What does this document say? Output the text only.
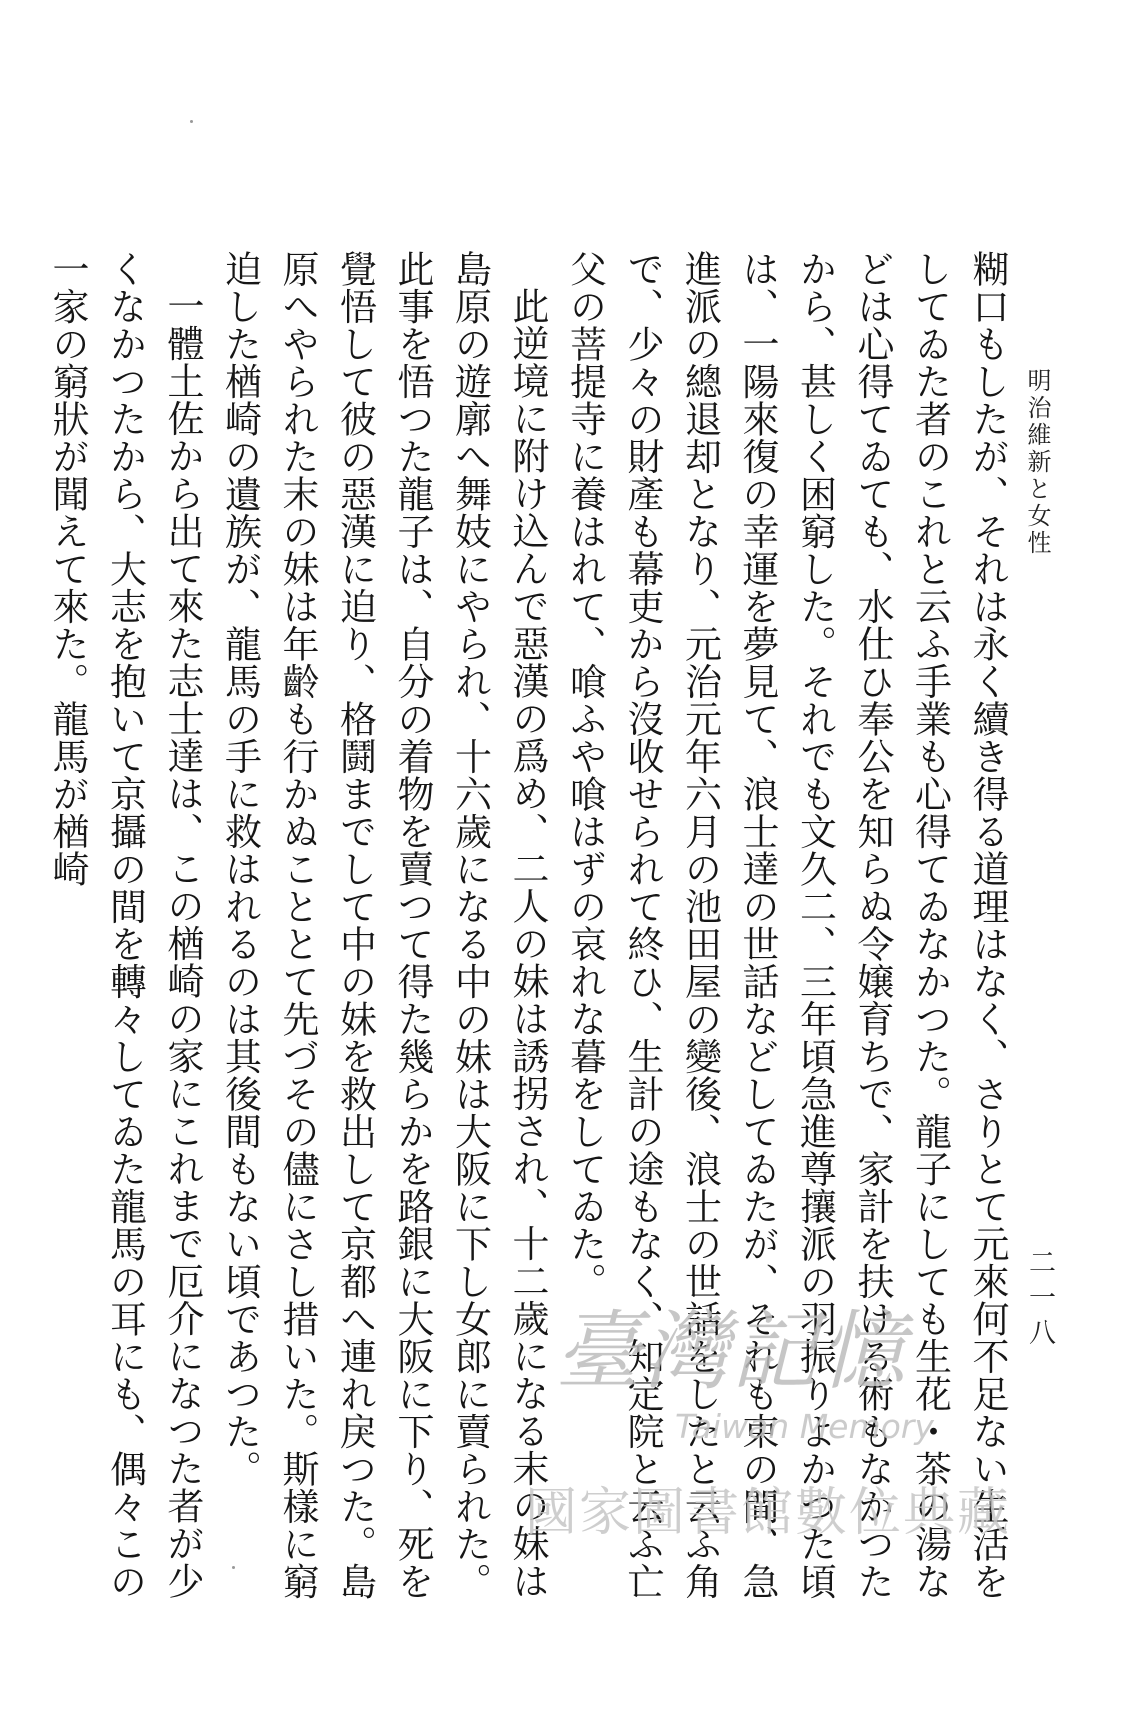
明治維新と女性
二一八

糊口もしたが、それは永く續き得る道理はなく、さりとて元來何不足ない生活をしてゐた者のこれと云ふ手業も心得てゐなかつた。龍子にしても生花・茶の湯などは心得てゐても、水仕ひ奉公を知らぬ令嬢育ちで、家計を扶ける術もなかつたから、甚しく困窮した。それでも文久二、三年頃急進尊攘派の羽振りよかつた頃は、一陽來復の幸運を夢見て、浪士達の世話などしてゐたが、それも束の間、急進派の總退却となり、元治元年六月の池田屋の變後、浪士の世話をしたと云ふ角で、少々の財產も幕吏から沒收せられて終ひ、生計の途もなく、知定院と云ふ亡父の菩提寺に養はれて、喰ふや喰はずの哀れな暮をしてゐた。

此逆境に附け込んで惡漢の爲め、二人の妹は誘拐され、十二歲になる末の妹は島原の遊廓へ舞妓にやられ、十六歲になる中の妹は大阪に下し女郎に賣られた。此事を悟つた龍子は、自分の着物を賣つて得た幾らかを路銀に大阪に下り、死を覺悟して彼の惡漢に迫り、格鬪までして中の妹を救出して京都へ連れ戾つた。島原へやられた末の妹は年齡も行かぬこととて先づその儘にさし措いた。斯樣に窮迫した楢崎の遺族が、龍馬の手に救はれるのは其後間もない頃であつた。

一體土佐から出て來た志士達は、この楢崎の家にこれまで厄介になつた者が少くなかつたから、大志を抱いて京攝の間を轉々してゐた龍馬の耳にも、偶々この一家の窮狀が聞えて來た。龍馬が楢崎

臺灣記憶
Taiwan Memory
國家圖書館數位典藏
